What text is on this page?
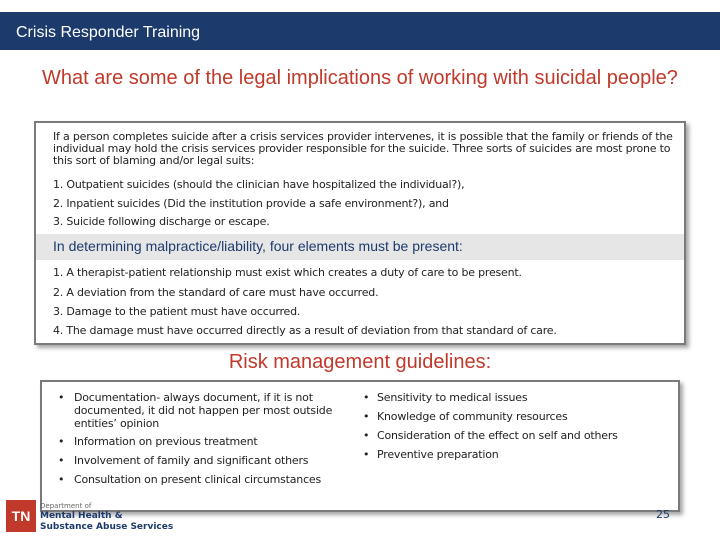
Crisis Responder Training
What are some of the legal implications of working with suicidal people?
If a person completes suicide after a crisis services provider intervenes, it is possible that the family or friends of the individual may hold the crisis services provider responsible for the suicide. Three sorts of suicides are most prone to this sort of blaming and/or legal suits:
1. Outpatient suicides (should the clinician have hospitalized the individual?),
2. Inpatient suicides (Did the institution provide a safe environment?), and
3. Suicide following discharge or escape.
In determining malpractice/liability, four elements must be present:
1. A therapist-patient relationship must exist which creates a duty of care to be present.
2. A deviation from the standard of care must have occurred.
3. Damage to the patient must have occurred.
4. The damage must have occurred directly as a result of deviation from that standard of care.
Risk management guidelines:
• Documentation- always document, if it is not documented, it did not happen per most outside entities’ opinion
• Information on previous treatment
• Involvement of family and significant others
• Consultation on present clinical circumstances
• Sensitivity to medical issues
• Knowledge of community resources
• Consideration of the effect on self and others
• Preventive preparation
25
TN
Department of
Mental Health &
Substance Abuse Services
